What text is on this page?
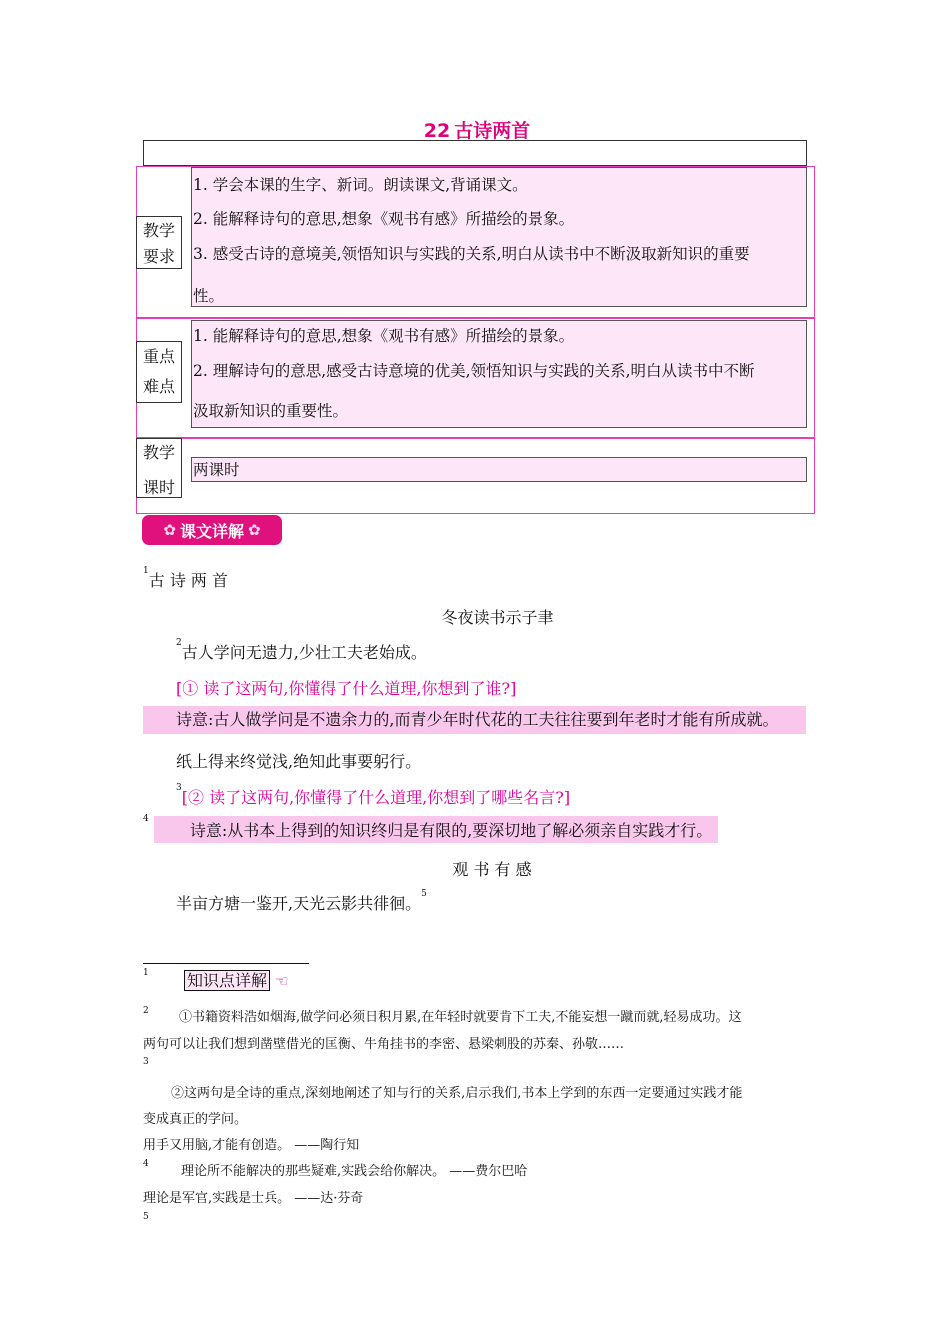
22 古诗两首
教学
要求
1. 学会本课的生字、新词。朗读课文,背诵课文。
2. 能解释诗句的意思,想象《观书有感》所描绘的景象。
3. 感受古诗的意境美,领悟知识与实践的关系,明白从读书中不断汲取新知识的重要
性。
重点
难点
1. 能解释诗句的意思,想象《观书有感》所描绘的景象。
2. 理解诗句的意思,感受古诗意境的优美,领悟知识与实践的关系,明白从读书中不断
汲取新知识的重要性。
教学
课时
两课时
✿ 课文详解 ✿
$^1$古 诗 两 首
冬夜读书示子聿
$^2$古人学问无遗力,少壮工夫老始成。
[① 读了这两句,你懂得了什么道理,你想到了谁?]
诗意:古人做学问是不遗余力的,而青少年时代花的工夫往往要到年老时才能有所成就。
纸上得来终觉浅,绝知此事要躬行。
$^3$[② 读了这两句,你懂得了什么道理,你想到了哪些名言?]
$^4$ 诗意:从书本上得到的知识终归是有限的,要深切地了解必须亲自实践才行。
观 书 有 感
半亩方塘一鉴开,天光云影共徘徊。$^5$
1 知识点详解 ☜
2 ①书籍资料浩如烟海,做学问必须日积月累,在年轻时就要肯下工夫,不能妄想一蹴而就,轻易成功。这
两句可以让我们想到凿壁借光的匡衡、牛角挂书的李密、悬梁刺股的苏秦、孙敬……
3
②这两句是全诗的重点,深刻地阐述了知与行的关系,启示我们,书本上学到的东西一定要通过实践才能
变成真正的学问。
用手又用脑,才能有创造。 ——陶行知
4 理论所不能解决的那些疑难,实践会给你解决。 ——费尔巴哈
理论是军官,实践是士兵。 ——达·芬奇
5
